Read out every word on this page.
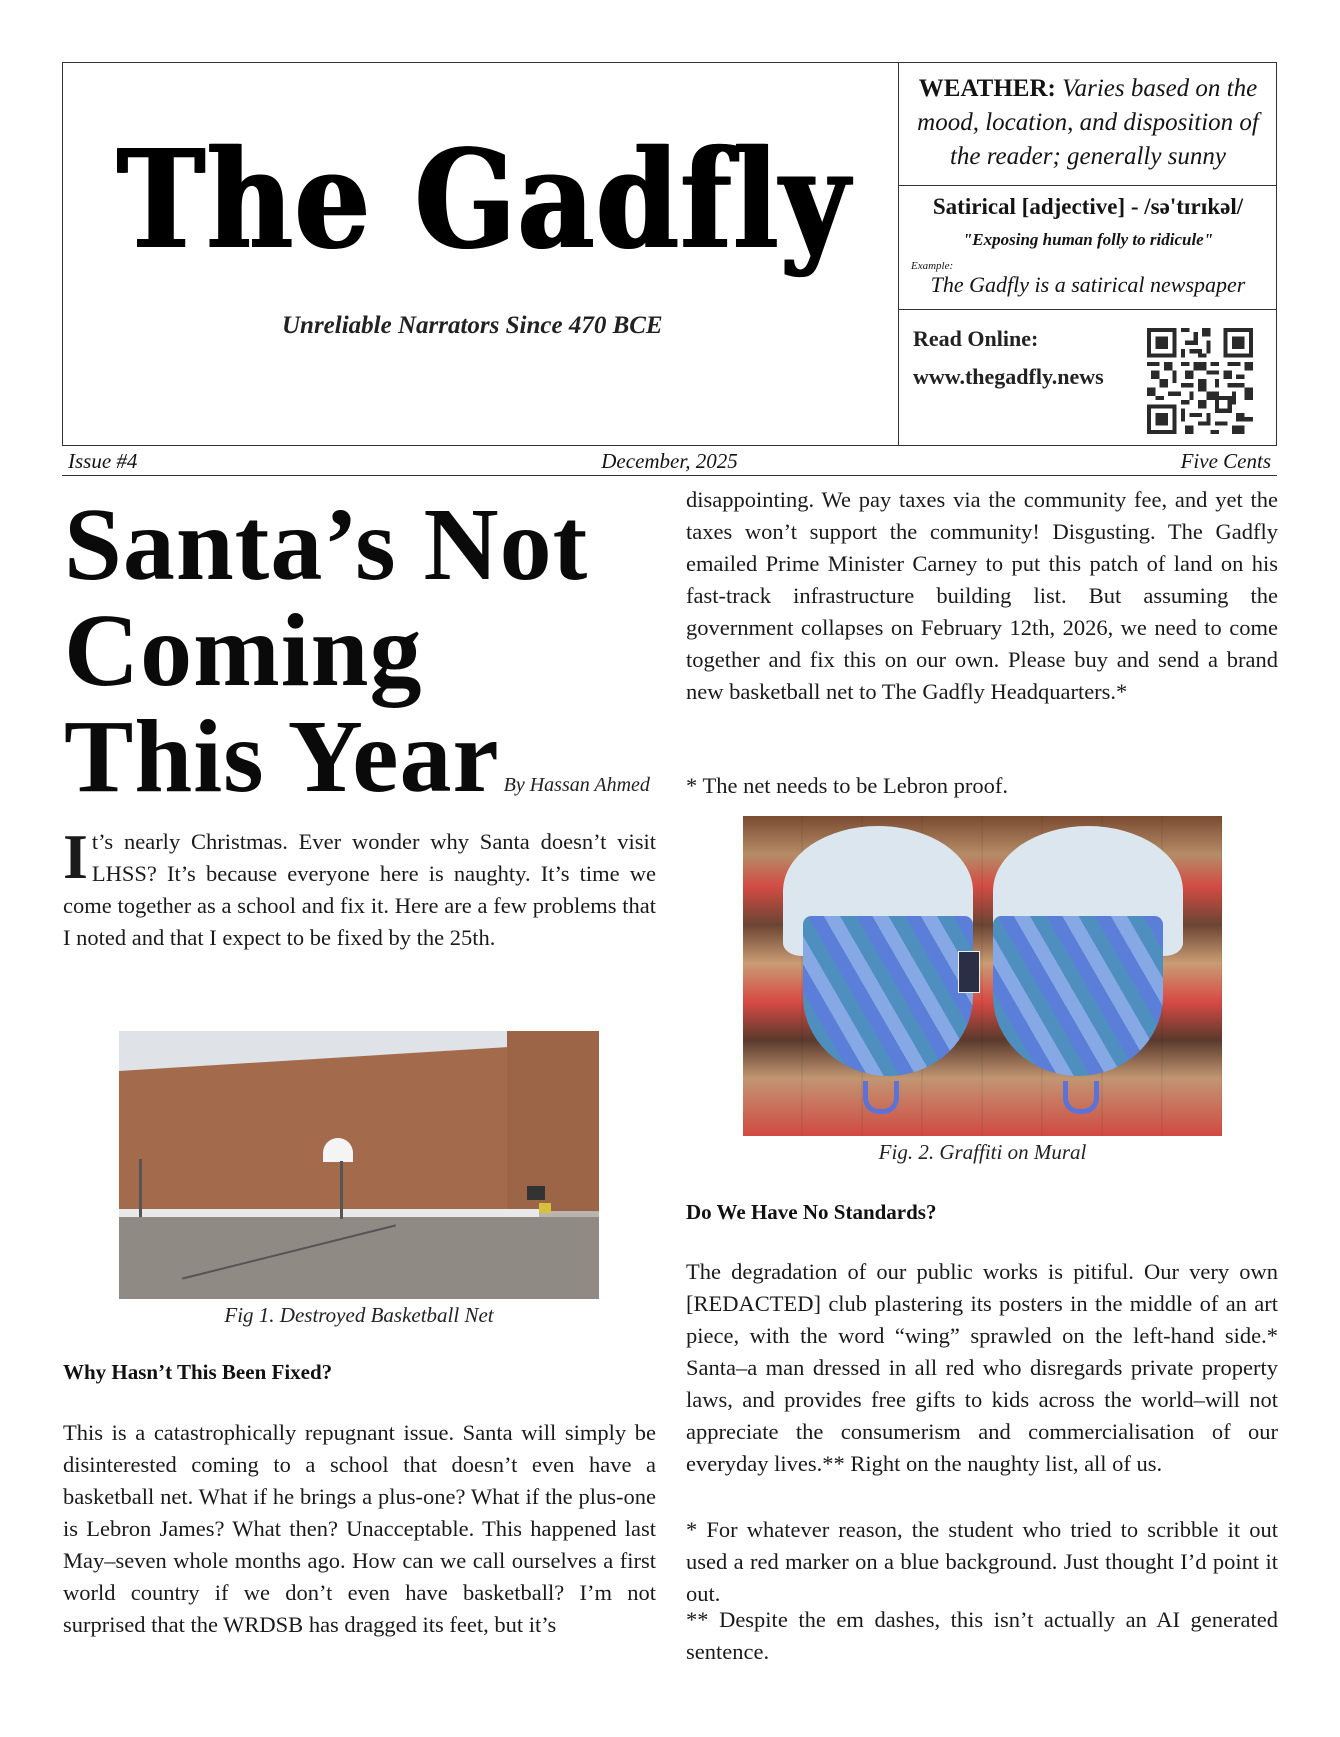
The Gadfly
Unreliable Narrators Since 470 BCE
WEATHER: Varies based on the mood, location, and disposition of the reader; generally sunny
Satirical [adjective] - /sə'tɪrɪkəl/
"Exposing human folly to ridicule"
Example:
The Gadfly is a satirical newspaper
Read Online:
www.thegadfly.news
Issue #4	December, 2025	Five Cents
Santa’s Not
Coming
This Year By Hassan Ahmed
It’s nearly Christmas. Ever wonder why Santa doesn’t visit LHSS? It’s because everyone here is naughty. It’s time we come together as a school and fix it. Here are a few problems that I noted and that I expect to be fixed by the 25th.
Fig 1. Destroyed Basketball Net
Why Hasn’t This Been Fixed?
This is a catastrophically repugnant issue. Santa will simply be disinterested coming to a school that doesn’t even have a basketball net. What if he brings a plus-one? What if the plus-one is Lebron James? What then? Unacceptable. This happened last May–seven whole months ago. How can we call ourselves a first world country if we don’t even have basketball? I’m not surprised that the WRDSB has dragged its feet, but it’s
disappointing. We pay taxes via the community fee, and yet the taxes won’t support the community! Disgusting. The Gadfly emailed Prime Minister Carney to put this patch of land on his fast-track infrastructure building list. But assuming the government collapses on February 12th, 2026, we need to come together and fix this on our own. Please buy and send a brand new basketball net to The Gadfly Headquarters.*
* The net needs to be Lebron proof.
Fig. 2. Graffiti on Mural
Do We Have No Standards?
The degradation of our public works is pitiful. Our very own [REDACTED] club plastering its posters in the middle of an art piece, with the word “wing” sprawled on the left-hand side.* Santa–a man dressed in all red who disregards private property laws, and provides free gifts to kids across the world–will not appreciate the consumerism and commercialisation of our everyday lives.** Right on the naughty list, all of us.
* For whatever reason, the student who tried to scribble it out used a red marker on a blue background. Just thought I’d point it out.
** Despite the em dashes, this isn’t actually an AI generated sentence.
